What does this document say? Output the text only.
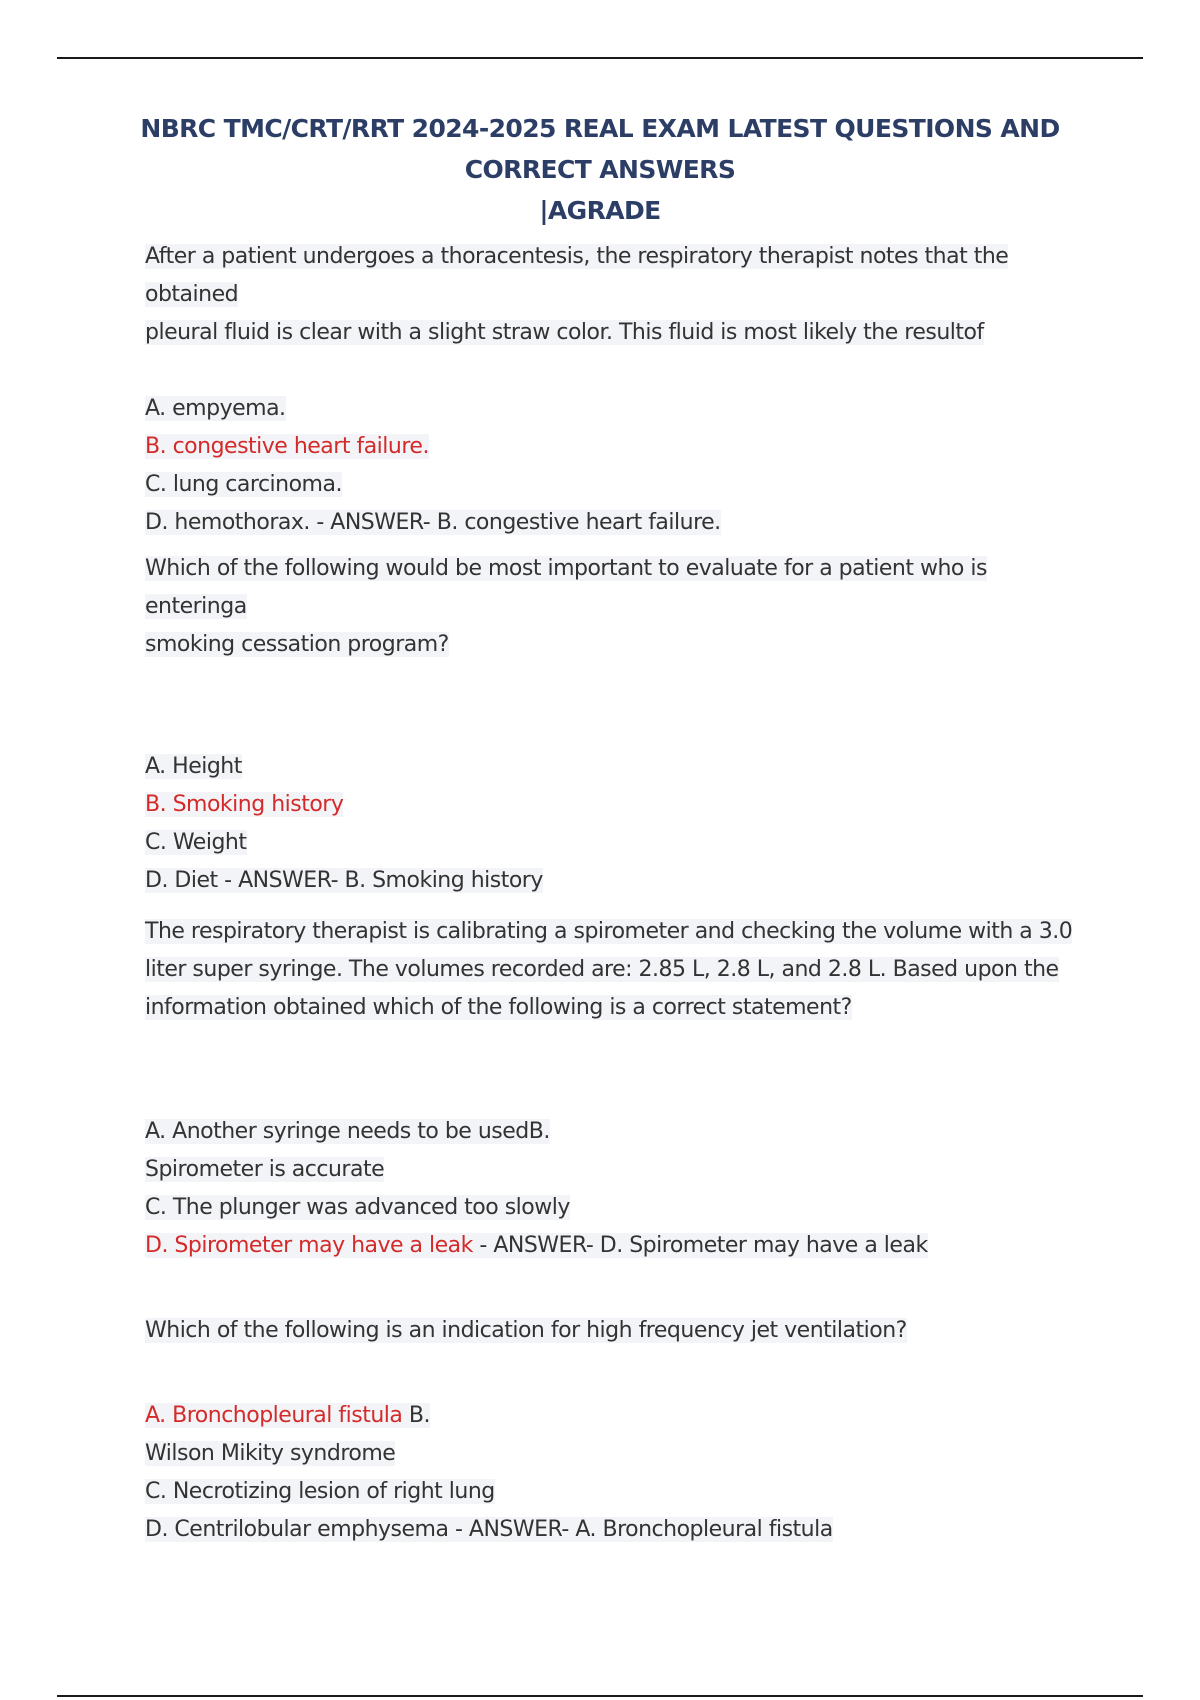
NBRC TMC/CRT/RRT 2024-2025 REAL EXAM LATEST QUESTIONS AND CORRECT ANSWERS
|AGRADE

After a patient undergoes a thoracentesis, the respiratory therapist notes that the obtained
pleural fluid is clear with a slight straw color. This fluid is most likely the resultof

A. empyema.
B. congestive heart failure.
C. lung carcinoma.
D. hemothorax. - ANSWER- B. congestive heart failure.

Which of the following would be most important to evaluate for a patient who is enteringa
smoking cessation program?

A. Height
B. Smoking history
C. Weight
D. Diet - ANSWER- B. Smoking history

The respiratory therapist is calibrating a spirometer and checking the volume with a 3.0
liter super syringe. The volumes recorded are: 2.85 L, 2.8 L, and 2.8 L. Based upon the
information obtained which of the following is a correct statement?

A. Another syringe needs to be usedB.
Spirometer is accurate
C. The plunger was advanced too slowly
D. Spirometer may have a leak - ANSWER- D. Spirometer may have a leak

Which of the following is an indication for high frequency jet ventilation?

A. Bronchopleural fistula B.
Wilson Mikity syndrome
C. Necrotizing lesion of right lung
D. Centrilobular emphysema - ANSWER- A. Bronchopleural fistula
